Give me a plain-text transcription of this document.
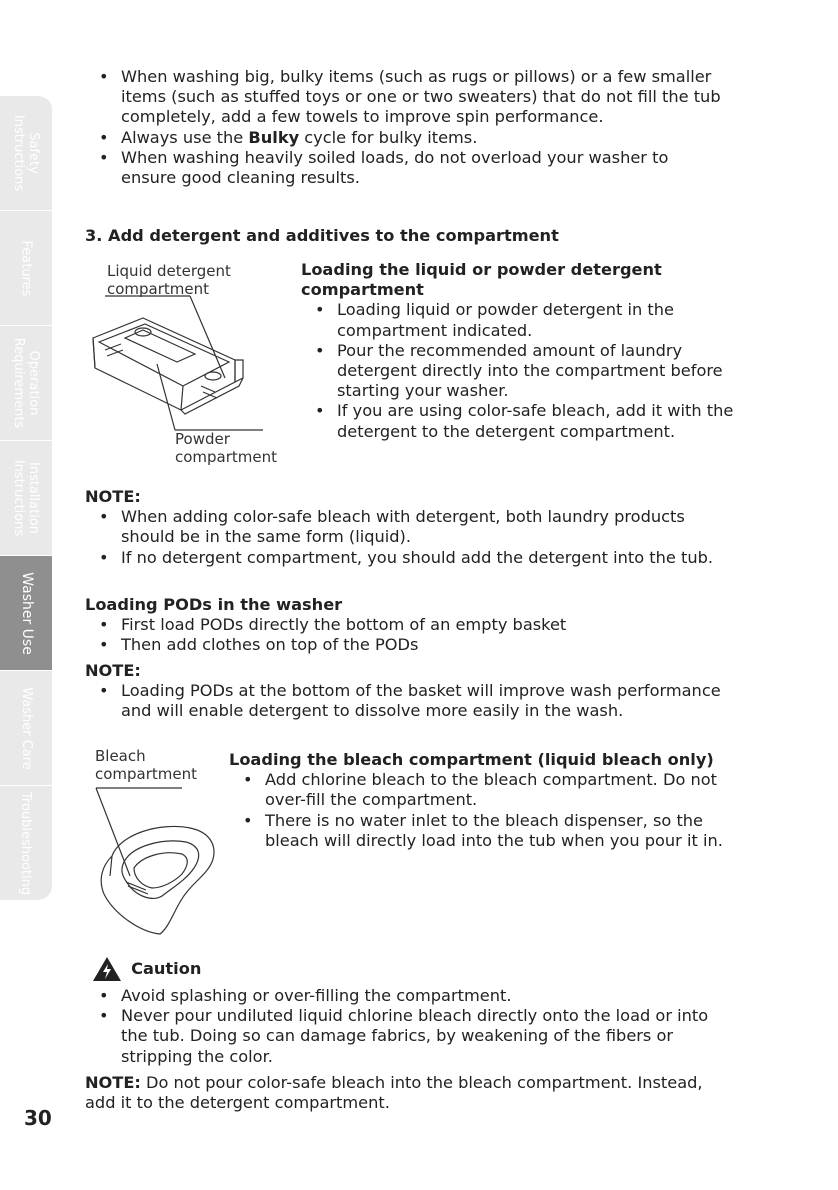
Safety
Instructions
Features
Operation
Requirements
Installation
Instructions
Washer Use
Washer Care
Troubleshooting
• When washing big, bulky items (such as rugs or pillows) or a few smaller items (such as stuffed toys or one or two sweaters) that do not fill the tub completely, add a few towels to improve spin performance.
• Always use the Bulky cycle for bulky items.
• When washing heavily soiled loads, do not overload your washer to ensure good cleaning results.
3. Add detergent and additives to the compartment
Liquid detergent
compartment
Powder
compartment
Loading the liquid or powder detergent
compartment
• Loading liquid or powder detergent in the compartment indicated.
• Pour the recommended amount of laundry detergent directly into the compartment before starting your washer.
• If you are using color-safe bleach, add it with the detergent to the detergent compartment.
NOTE:
• When adding color-safe bleach with detergent, both laundry products should be in the same form (liquid).
• If no detergent compartment, you should add the detergent into the tub.
Loading PODs in the washer
• First load PODs directly the bottom of an empty basket
• Then add clothes on top of the PODs
NOTE:
• Loading PODs at the bottom of the basket will improve wash performance and will enable detergent to dissolve more easily in the wash.
Bleach
compartment
Loading the bleach compartment (liquid bleach only)
• Add chlorine bleach to the bleach compartment. Do not over-fill the compartment.
• There is no water inlet to the bleach dispenser, so the bleach will directly load into the tub when you pour it in.
Caution
• Avoid splashing or over-filling the compartment.
• Never pour undiluted liquid chlorine bleach directly onto the load or into the tub. Doing so can damage fabrics, by weakening of the fibers or stripping the color.
NOTE: Do not pour color-safe bleach into the bleach compartment. Instead, add it to the detergent compartment.
30
